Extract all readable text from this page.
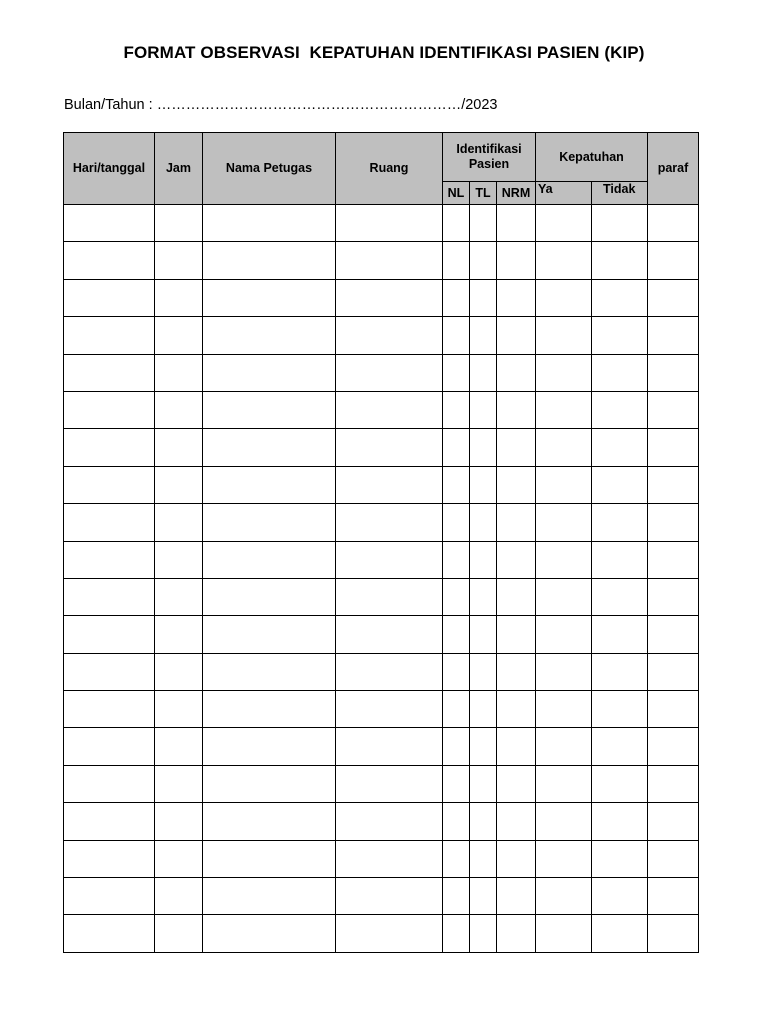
FORMAT OBSERVASI  KEPATUHAN IDENTIFIKASI PASIEN (KIP)
Bulan/Tahun : ………………………………………………………/2023
Hari/tanggal	Jam	Nama Petugas	Ruang	Identifikasi Pasien			Kepatuhan		paraf
				NL	TL	NRM	Ya	Tidak	
